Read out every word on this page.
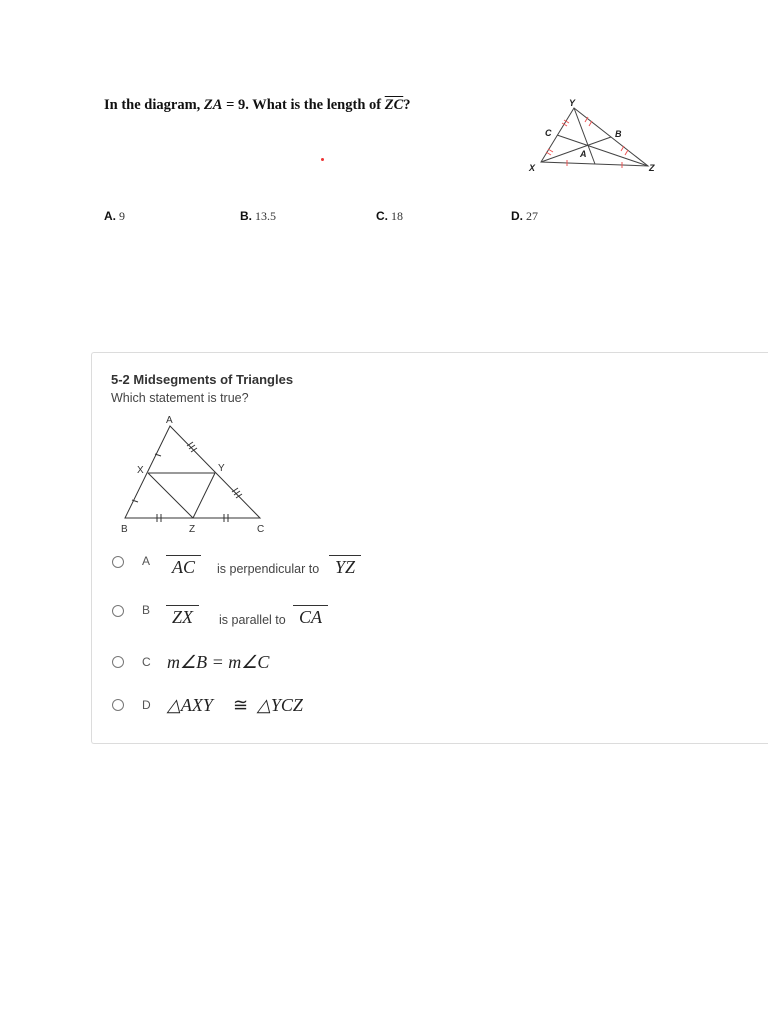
In the diagram, ZA = 9. What is the length of $\overline{ZC}$?	Y
C	B
A
X	Z
A. 9	B. 13.5	C. 18	D. 27
5-2 Midsegments of Triangles
Which statement is true?
A
X	Y
B	Z	C
A	AC	is perpendicular to YZ
B	ZX	is parallel to CA
C m∠B = m∠C
D △AXY ≅ △YCZ
